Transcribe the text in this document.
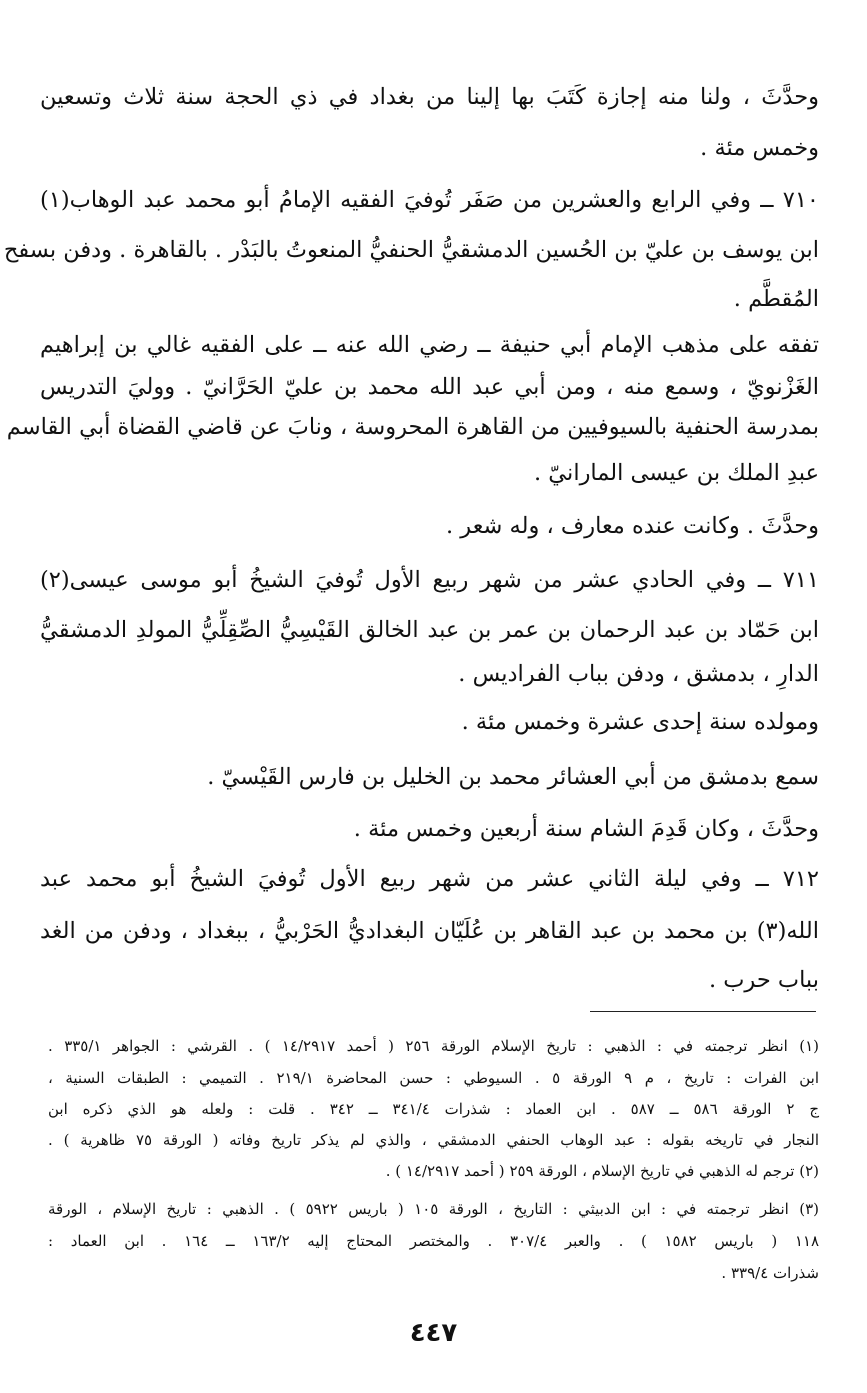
وحدَّثَ ، ولنا منه إجازة كَتَبَ بها إلينا من بغداد في ذي الحجة سنة ثلاث وتسعين
وخمس مئة .
٧١٠ ــ وفي الرابع والعشرين من صَفَر تُوفيَ الفقيه الإمامُ أبو محمد عبد الوهاب(١)
ابن يوسف بن عليّ بن الحُسين الدمشقيُّ الحنفيُّ المنعوتُ بالبَدْر . بالقاهرة . ودفن بسفح
المُقطَّم .
تفقه على مذهب الإمام أبي حنيفة ــ رضي الله عنه ــ على الفقيه غالي بن إبراهيم
الغَزْنويّ ، وسمع منه ، ومن أبي عبد الله محمد بن عليّ الحَرَّانيّ . ووليَ التدريس
بمدرسة الحنفية بالسيوفيين من القاهرة المحروسة ، ونابَ عن قاضي القضاة أبي القاسم
عبدِ الملك بن عيسى المارانيّ .
وحدَّثَ . وكانت عنده معارف ، وله شعر .
٧١١ ــ وفي الحادي عشر من شهر ربيع الأول تُوفيَ الشيخُ أبو موسى عيسى(٢)
ابن حَمّاد بن عبد الرحمان بن عمر بن عبد الخالق القَيْسِيُّ الصِّقِلِّيُّ المولدِ الدمشقيُّ
الدارِ ، بدمشق ، ودفن بباب الفراديس .
ومولده سنة إحدى عشرة وخمس مئة .
سمع بدمشق من أبي العشائر محمد بن الخليل بن فارس القَيْسيّ .
وحدَّثَ ، وكان قَدِمَ الشام سنة أربعين وخمس مئة .
٧١٢ ــ وفي ليلة الثاني عشر من شهر ربيع الأول تُوفيَ الشيخُ أبو محمد عبد
الله(٣) بن محمد بن عبد القاهر بن عُلَيّان البغداديُّ الحَرْبيُّ ، ببغداد ، ودفن من الغد
بباب حرب .
(١) انظر ترجمته في : الذهبي : تاريخ الإسلام الورقة ٢٥٦ ( أحمد ١٤/٢٩١٧ ) . القرشي : الجواهر ٣٣٥/١ .
ابن الفرات : تاريخ ، م ٩ الورقة ٥ . السيوطي : حسن المحاضرة ٢١٩/١ . التميمي : الطبقات السنية ،
ج ٢ الورقة ٥٨٦ ــ ٥٨٧ . ابن العماد : شذرات ٣٤١/٤ ــ ٣٤٢ . قلت : ولعله هو الذي ذكره ابن
النجار في تاريخه بقوله : عبد الوهاب الحنفي الدمشقي ، والذي لم يذكر تاريخ وفاته ( الورقة ٧٥ ظاهرية ) .
(٢) ترجم له الذهبي في تاريخ الإسلام ، الورقة ٢٥٩ ( أحمد ١٤/٢٩١٧ ) .
(٣) انظر ترجمته في : ابن الدبيثي : التاريخ ، الورقة ١٠٥ ( باريس ٥٩٢٢ ) . الذهبي : تاريخ الإسلام ، الورقة
١١٨ ( باريس ١٥٨٢ ) . والعبر ٣٠٧/٤ . والمختصر المحتاج إليه ١٦٣/٢ ــ ١٦٤ . ابن العماد :
شذرات ٣٣٩/٤ .
٤٤٧
